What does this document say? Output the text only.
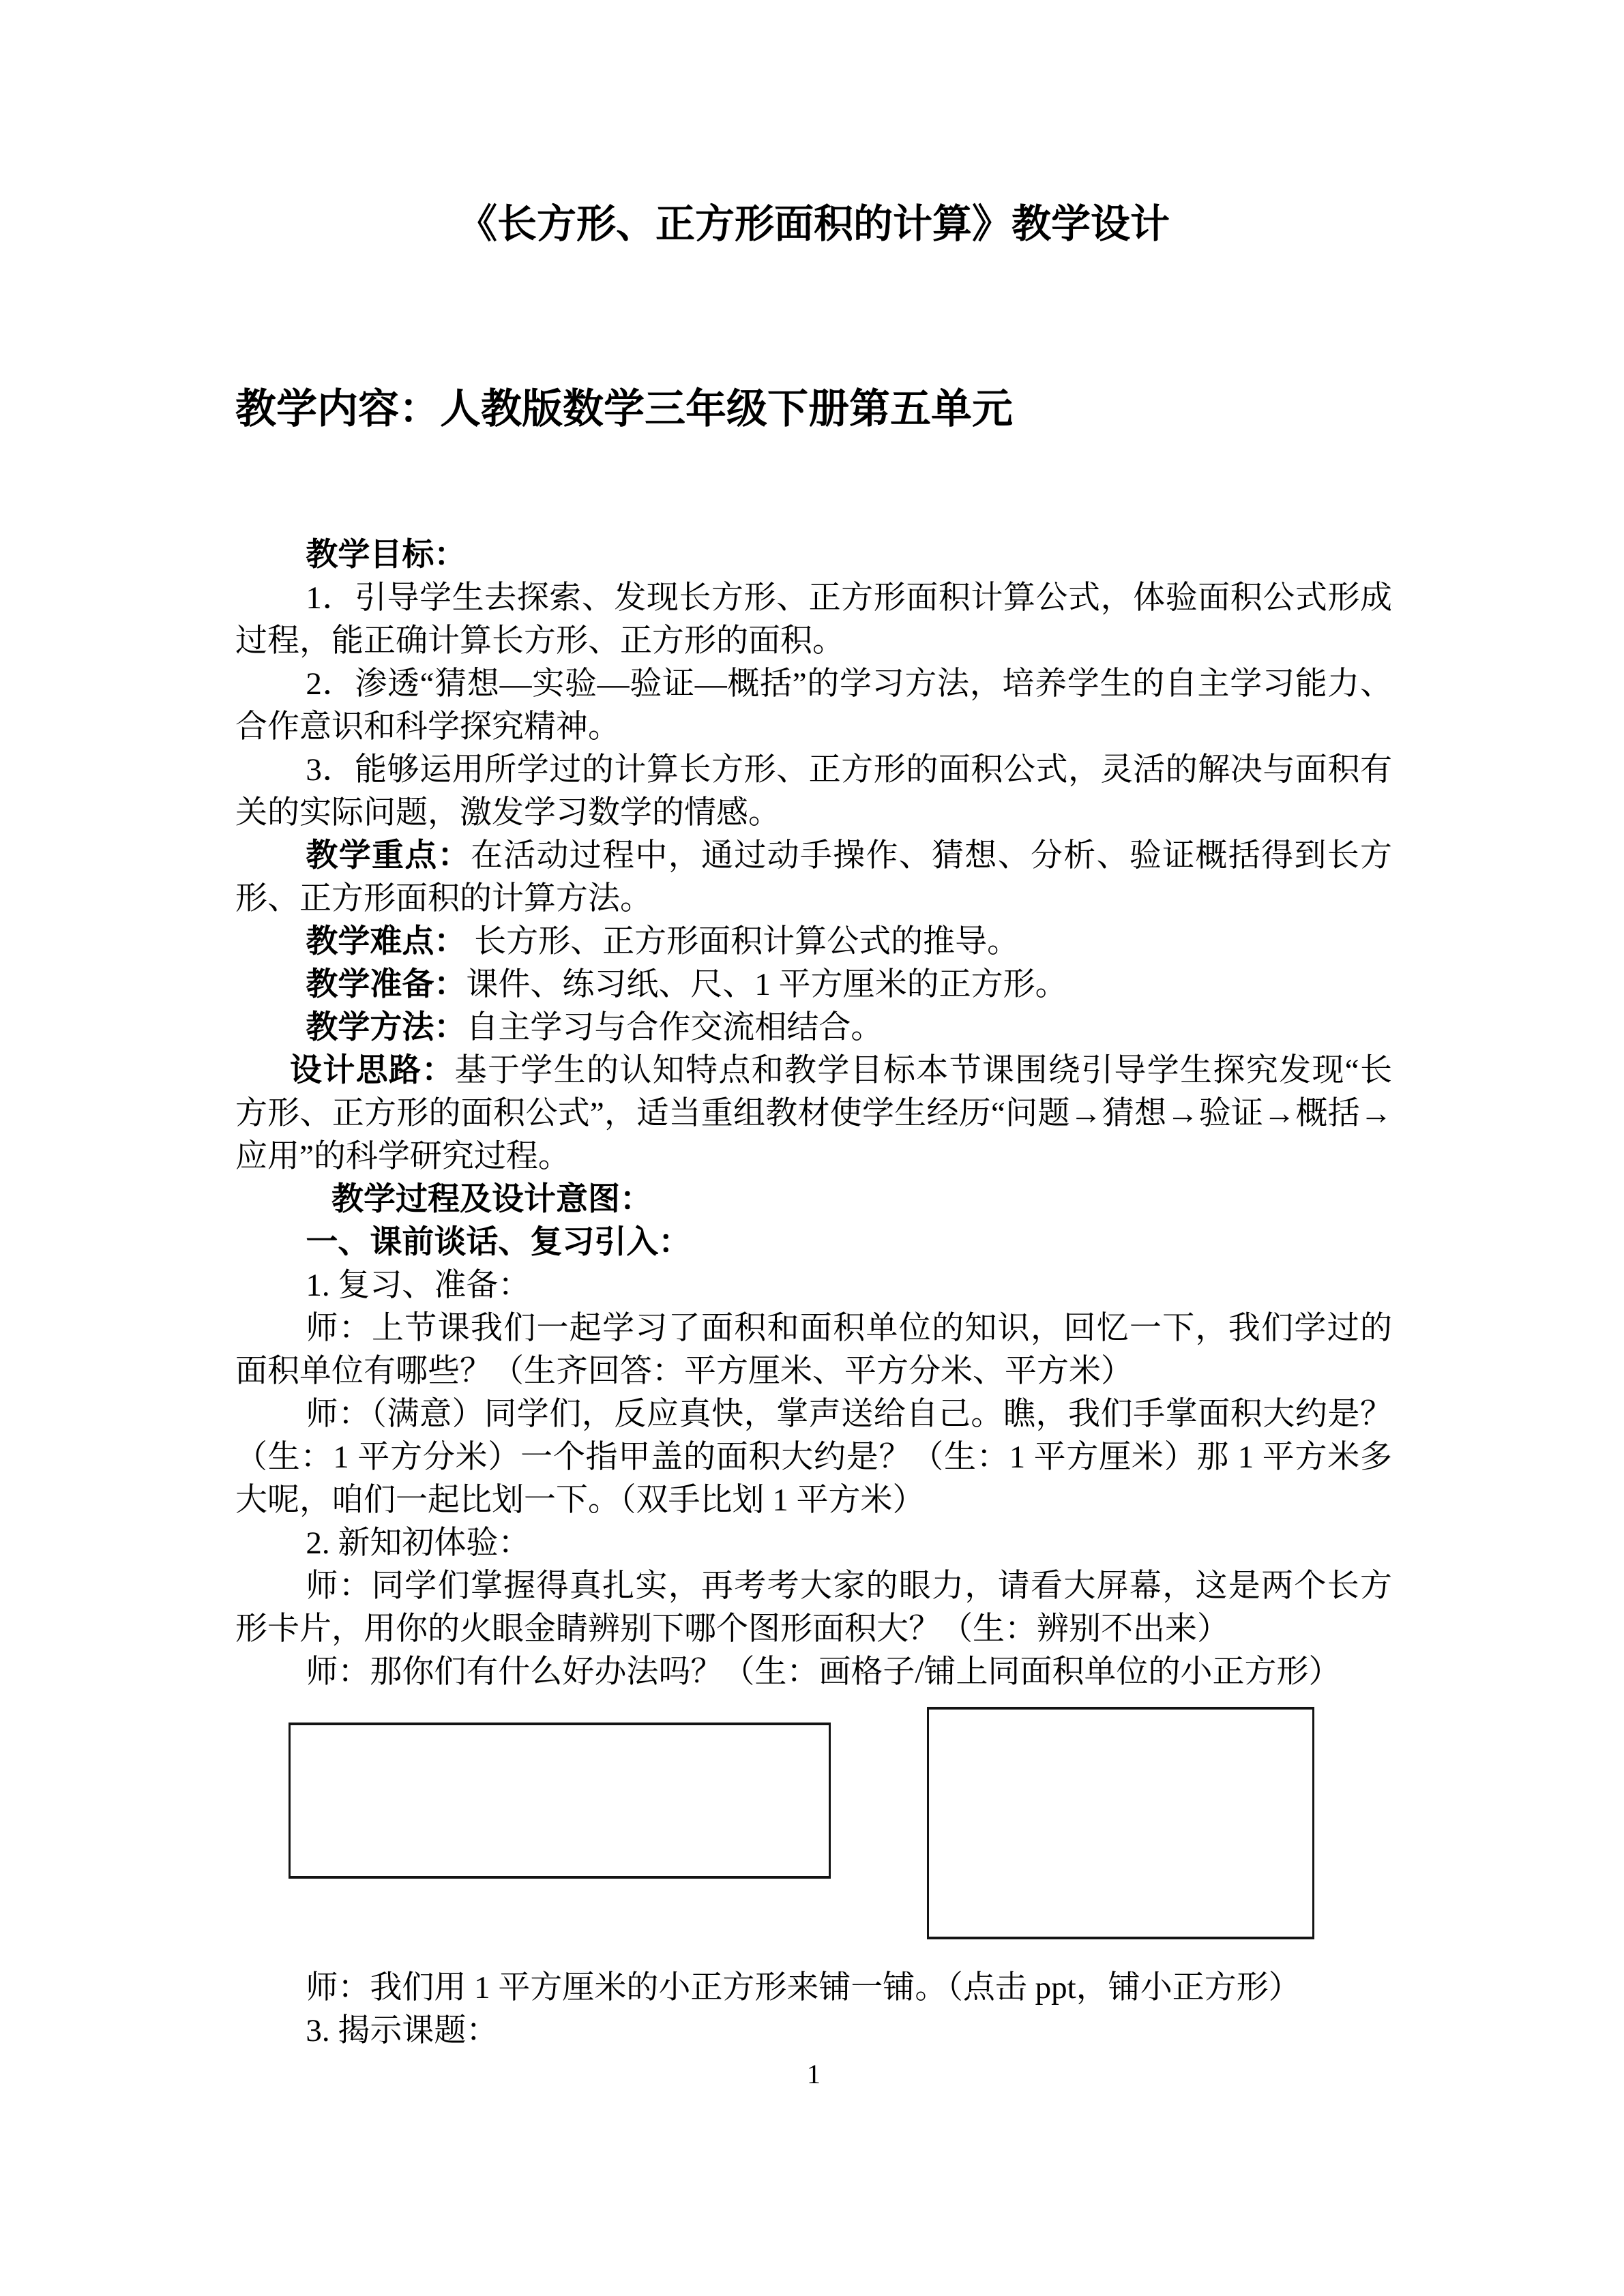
《长方形、正方形面积的计算》教学设计
教学内容：人教版数学三年级下册第五单元

教学目标：

1．引导学生去探索、发现长方形、正方形面积计算公式，体验面积公式形成过程，能正确计算长方形、正方形的面积。

2．渗透“猜想—实验—验证—概括”的学习方法，培养学生的自主学习能力、合作意识和科学探究精神。

3．能够运用所学过的计算长方形、正方形的面积公式，灵活的解决与面积有关的实际问题，激发学习数学的情感。

教学重点：在活动过程中，通过动手操作、猜想、分析、验证概括得到长方形、正方形面积的计算方法。

教学难点： 长方形、正方形面积计算公式的推导。

教学准备：课件、练习纸、尺、1 平方厘米的正方形。

教学方法：自主学习与合作交流相结合。

设计思路：基于学生的认知特点和教学目标本节课围绕引导学生探究发现“长方形、正方形的面积公式”，适当重组教材使学生经历“问题→猜想→验证→概括→应用”的科学研究过程。

教学过程及设计意图：

一、课前谈话、复习引入：

1. 复习、准备：

师：上节课我们一起学习了面积和面积单位的知识，回忆一下，我们学过的面积单位有哪些？（生齐回答：平方厘米、平方分米、平方米）

师：（满意）同学们，反应真快，掌声送给自己。瞧，我们手掌面积大约是？（生：1 平方分米）一个指甲盖的面积大约是？（生：1 平方厘米）那 1 平方米多大呢，咱们一起比划一下。（双手比划 1 平方米）

2. 新知初体验：

师：同学们掌握得真扎实，再考考大家的眼力，请看大屏幕，这是两个长方形卡片，用你的火眼金睛辨别下哪个图形面积大？（生：辨别不出来）

师：那你们有什么好办法吗？（生：画格子/铺上同面积单位的小正方形）

师：我们用 1 平方厘米的小正方形来铺一铺。（点击 ppt，铺小正方形）

3. 揭示课题：

1
